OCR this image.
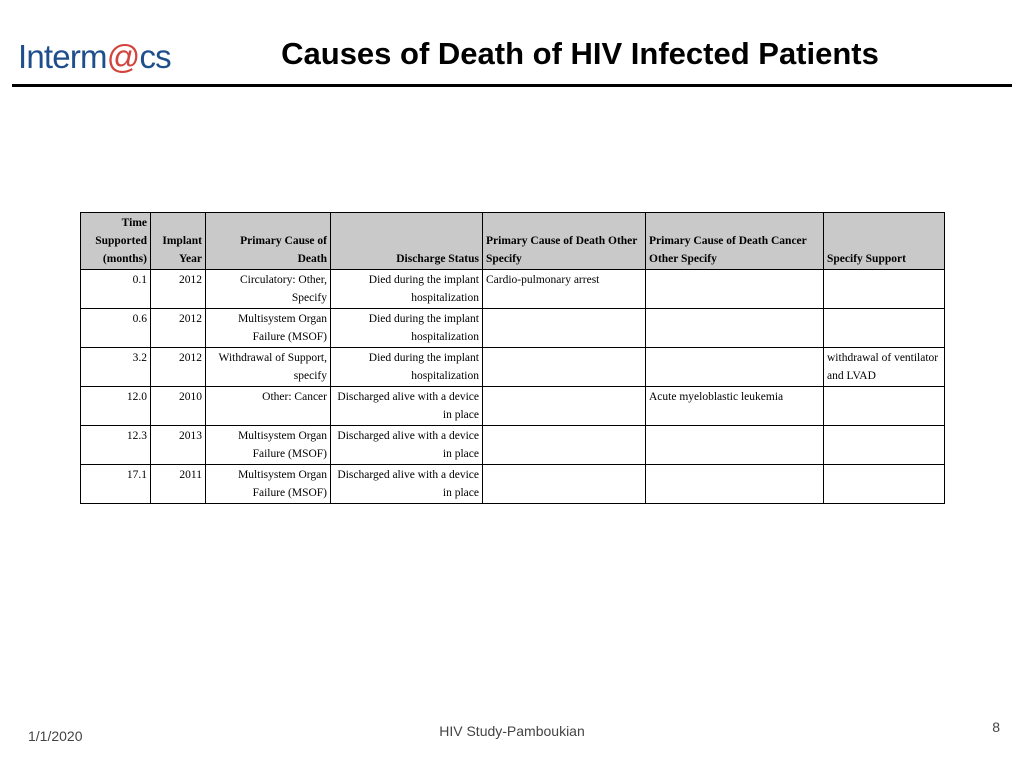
Interm@cs	Causes of Death of HIV Infected Patients
Time Supported (months)	Implant Year	Primary Cause of Death	Discharge Status	Primary Cause of Death Other Specify	Primary Cause of Death Cancer Other Specify	Specify Support
0.1	2012	Circulatory: Other, Specify	Died during the implant hospitalization	Cardio-pulmonary arrest		
0.6	2012	Multisystem Organ Failure (MSOF)	Died during the implant hospitalization			
3.2	2012	Withdrawal of Support, specify	Died during the implant hospitalization			withdrawal of ventilator and LVAD
12.0	2010	Other: Cancer	Discharged alive with a device in place		Acute myeloblastic leukemia	
12.3	2013	Multisystem Organ Failure (MSOF)	Discharged alive with a device in place			
17.1	2011	Multisystem Organ Failure (MSOF)	Discharged alive with a device in place			
1/1/2020	HIV Study-Pamboukian	8
